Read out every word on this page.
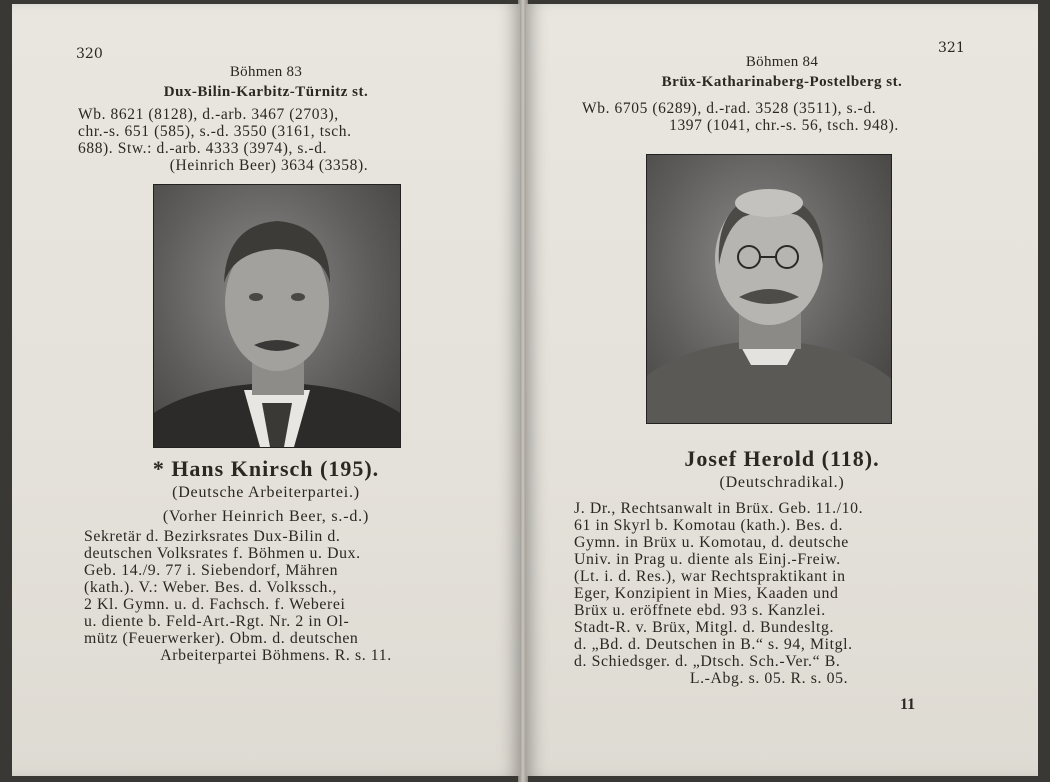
320
Böhmen 83
Dux-Bilin-Karbitz-Türnitz st.
Wb. 8621 (8128), d.-arb. 3467 (2703),
chr.-s. 651 (585), s.-d. 3550 (3161, tsch.
688). Stw.: d.-arb. 4333 (3974), s.-d.
(Heinrich Beer) 3634 (3358).
* Hans Knirsch (195).
(Deutsche Arbeiterpartei.)
(Vorher Heinrich Beer, s.-d.)
Sekretär d. Bezirksrates Dux-Bilin d.
deutschen Volksrates f. Böhmen u. Dux.
Geb. 14./9. 77 i. Siebendorf, Mähren
(kath.). V.: Weber. Bes. d. Volkssch.,
2 Kl. Gymn. u. d. Fachsch. f. Weberei
u. diente b. Feld-Art.-Rgt. Nr. 2 in Ol-
mütz (Feuerwerker). Obm. d. deutschen
Arbeiterpartei Böhmens. R. s. 11.
321
Böhmen 84
Brüx-Katharinaberg-Postelberg st.
Wb. 6705 (6289), d.-rad. 3528 (3511), s.-d.
1397 (1041, chr.-s. 56, tsch. 948).
Josef Herold (118).
(Deutschradikal.)
J. Dr., Rechtsanwalt in Brüx. Geb. 11./10.
61 in Skyrl b. Komotau (kath.). Bes. d.
Gymn. in Brüx u. Komotau, d. deutsche
Univ. in Prag u. diente als Einj.-Freiw.
(Lt. i. d. Res.), war Rechtspraktikant in
Eger, Konzipient in Mies, Kaaden und
Brüx u. eröffnete ebd. 93 s. Kanzlei.
Stadt-R. v. Brüx, Mitgl. d. Bundesltg.
d. „Bd. d. Deutschen in B.“ s. 94, Mitgl.
d. Schiedsger. d. „Dtsch. Sch.-Ver.“ B.
L.-Abg. s. 05. R. s. 05.
11
